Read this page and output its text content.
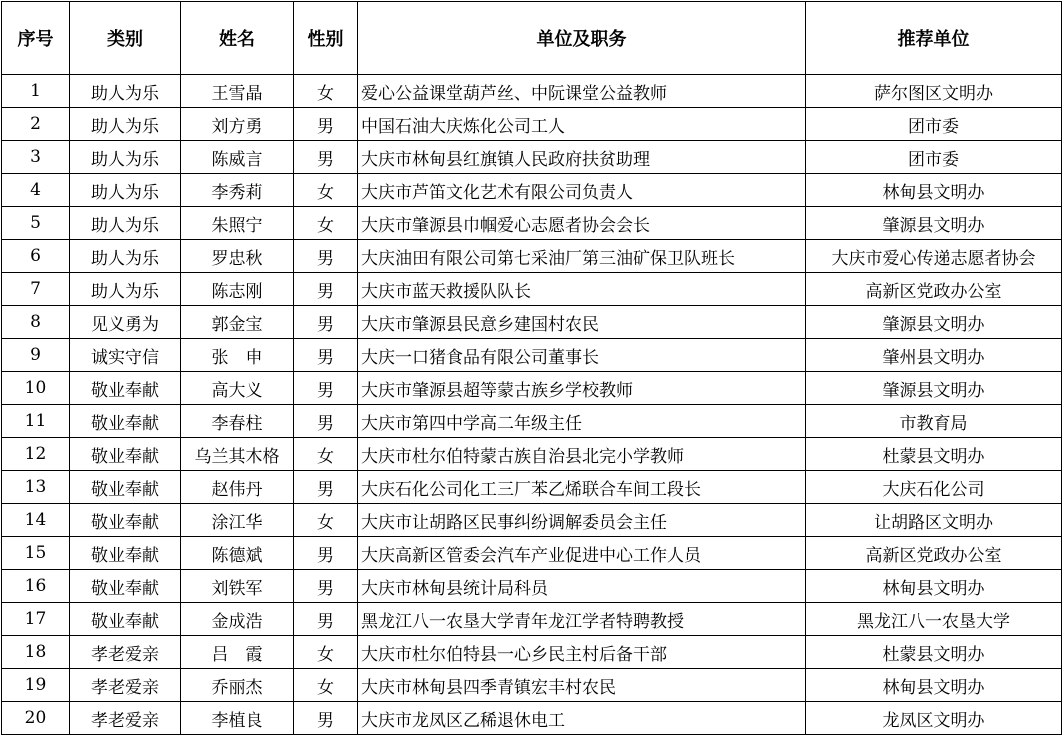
序号	类别	姓名	性别	单位及职务	推荐单位
1	助人为乐	王雪晶	女	爱心公益课堂葫芦丝、中阮课堂公益教师	萨尔图区文明办
2	助人为乐	刘方勇	男	中国石油大庆炼化公司工人	团市委
3	助人为乐	陈威言	男	大庆市林甸县红旗镇人民政府扶贫助理	团市委
4	助人为乐	李秀莉	女	大庆市芦笛文化艺术有限公司负责人	林甸县文明办
5	助人为乐	朱照宁	女	大庆市肇源县巾帼爱心志愿者协会会长	肇源县文明办
6	助人为乐	罗忠秋	男	大庆油田有限公司第七采油厂第三油矿保卫队班长	大庆市爱心传递志愿者协会
7	助人为乐	陈志刚	男	大庆市蓝天救援队队长	高新区党政办公室
8	见义勇为	郭金宝	男	大庆市肇源县民意乡建国村农民	肇源县文明办
9	诚实守信	张　申	男	大庆一口猪食品有限公司董事长	肇州县文明办
10	敬业奉献	高大义	男	大庆市肇源县超等蒙古族乡学校教师	肇源县文明办
11	敬业奉献	李春柱	男	大庆市第四中学高二年级主任	市教育局
12	敬业奉献	乌兰其木格	女	大庆市杜尔伯特蒙古族自治县北完小学教师	杜蒙县文明办
13	敬业奉献	赵伟丹	男	大庆石化公司化工三厂苯乙烯联合车间工段长	大庆石化公司
14	敬业奉献	涂江华	女	大庆市让胡路区民事纠纷调解委员会主任	让胡路区文明办
15	敬业奉献	陈德斌	男	大庆高新区管委会汽车产业促进中心工作人员	高新区党政办公室
16	敬业奉献	刘铁军	男	大庆市林甸县统计局科员	林甸县文明办
17	敬业奉献	金成浩	男	黑龙江八一农垦大学青年龙江学者特聘教授	黑龙江八一农垦大学
18	孝老爱亲	吕　霞	女	大庆市杜尔伯特县一心乡民主村后备干部	杜蒙县文明办
19	孝老爱亲	乔丽杰	女	大庆市林甸县四季青镇宏丰村农民	林甸县文明办
20	孝老爱亲	李植良	男	大庆市龙凤区乙稀退休电工	龙凤区文明办
